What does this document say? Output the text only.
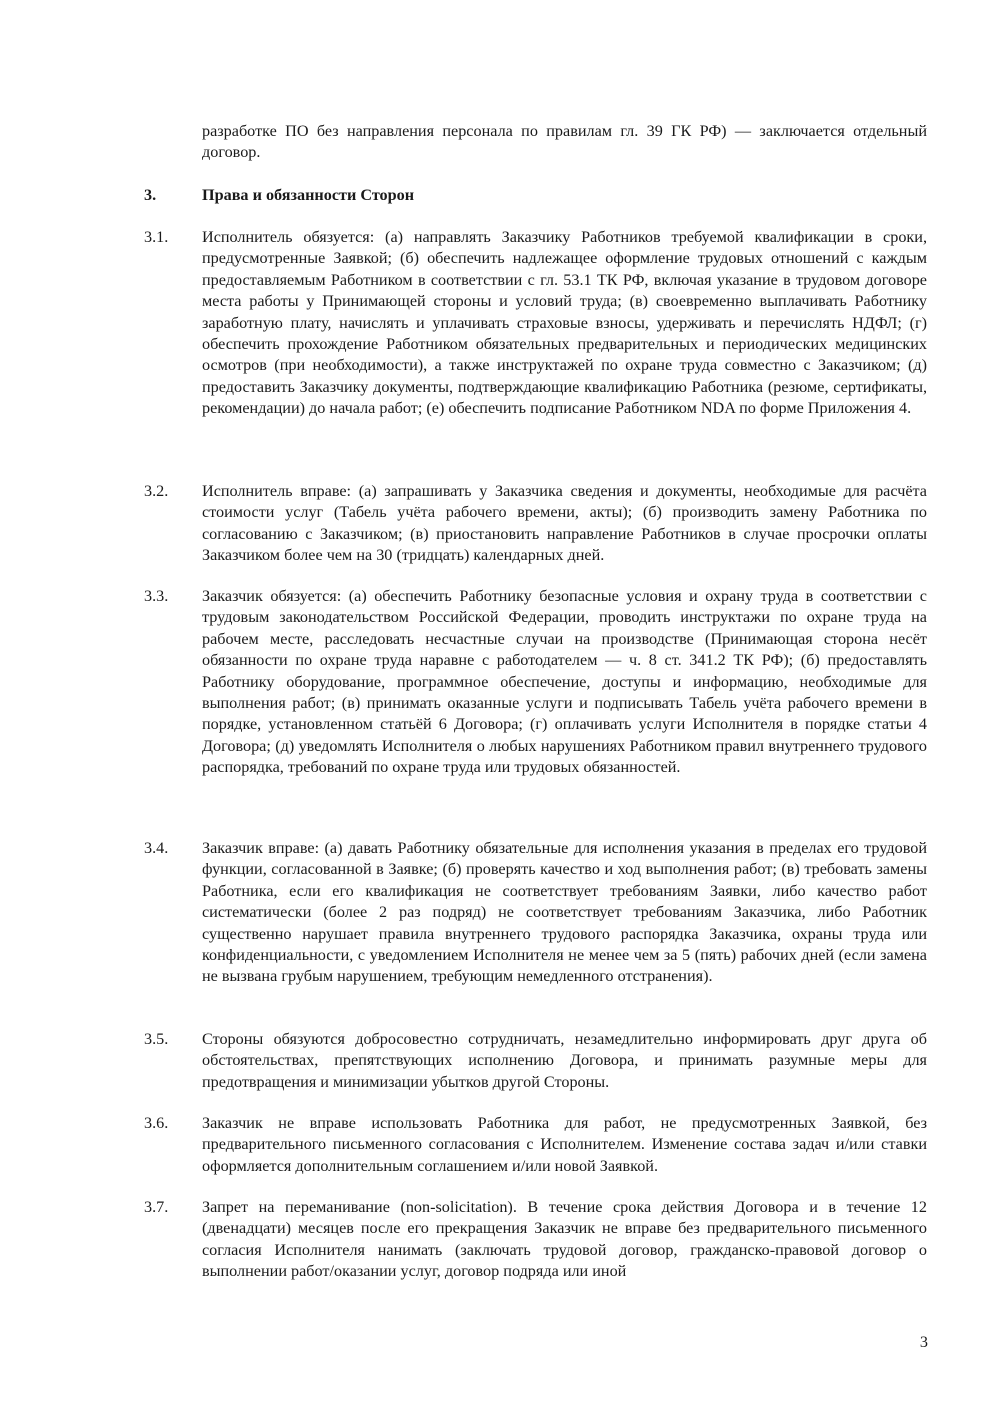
разработке ПО без направления персонала по правилам гл. 39 ГК РФ) — заключается отдельный договор.

3.	Права и обязанности Сторон

3.1. Исполнитель обязуется: (а) направлять Заказчику Работников требуемой квалификации в сроки, предусмотренные Заявкой; (б) обеспечить надлежащее оформление трудовых отношений с каждым предоставляемым Работником в соответствии с гл. 53.1 ТК РФ, включая указание в трудовом договоре места работы у Принимающей стороны и условий труда; (в) своевременно выплачивать Работнику заработную плату, начислять и уплачивать страховые взносы, удерживать и перечислять НДФЛ; (г) обеспечить прохождение Работником обязательных предварительных и периодических медицинских осмотров (при необходимости), а также инструктажей по охране труда совместно с Заказчиком; (д) предоставить Заказчику документы, подтверждающие квалификацию Работника (резюме, сертификаты, рекомендации) до начала работ; (е) обеспечить подписание Работником NDA по форме Приложения 4.

3.2. Исполнитель вправе: (а) запрашивать у Заказчика сведения и документы, необходимые для расчёта стоимости услуг (Табель учёта рабочего времени, акты); (б) производить замену Работника по согласованию с Заказчиком; (в) приостановить направление Работников в случае просрочки оплаты Заказчиком более чем на 30 (тридцать) календарных дней.

3.3. Заказчик обязуется: (а) обеспечить Работнику безопасные условия и охрану труда в соответствии с трудовым законодательством Российской Федерации, проводить инструктажи по охране труда на рабочем месте, расследовать несчастные случаи на производстве (Принимающая сторона несёт обязанности по охране труда наравне с работодателем — ч. 8 ст. 341.2 ТК РФ); (б) предоставлять Работнику оборудование, программное обеспечение, доступы и информацию, необходимые для выполнения работ; (в) принимать оказанные услуги и подписывать Табель учёта рабочего времени в порядке, установленном статьёй 6 Договора; (г) оплачивать услуги Исполнителя в порядке статьи 4 Договора; (д) уведомлять Исполнителя о любых нарушениях Работником правил внутреннего трудового распорядка, требований по охране труда или трудовых обязанностей.

3.4. Заказчик вправе: (а) давать Работнику обязательные для исполнения указания в пределах его трудовой функции, согласованной в Заявке; (б) проверять качество и ход выполнения работ; (в) требовать замены Работника, если его квалификация не соответствует требованиям Заявки, либо качество работ систематически (более 2 раз подряд) не соответствует требованиям Заказчика, либо Работник существенно нарушает правила внутреннего трудового распорядка Заказчика, охраны труда или конфиденциальности, с уведомлением Исполнителя не менее чем за 5 (пять) рабочих дней (если замена не вызвана грубым нарушением, требующим немедленного отстранения).

3.5. Стороны обязуются добросовестно сотрудничать, незамедлительно информировать друг друга об обстоятельствах, препятствующих исполнению Договора, и принимать разумные меры для предотвращения и минимизации убытков другой Стороны.

3.6. Заказчик не вправе использовать Работника для работ, не предусмотренных Заявкой, без предварительного письменного согласования с Исполнителем. Изменение состава задач и/или ставки оформляется дополнительным соглашением и/или новой Заявкой.

3.7. Запрет на переманивание (non-solicitation). В течение срока действия Договора и в течение 12 (двенадцати) месяцев после его прекращения Заказчик не вправе без предварительного письменного согласия Исполнителя нанимать (заключать трудовой договор, гражданско-правовой договор о выполнении работ/оказании услуг, договор подряда или иной

3
